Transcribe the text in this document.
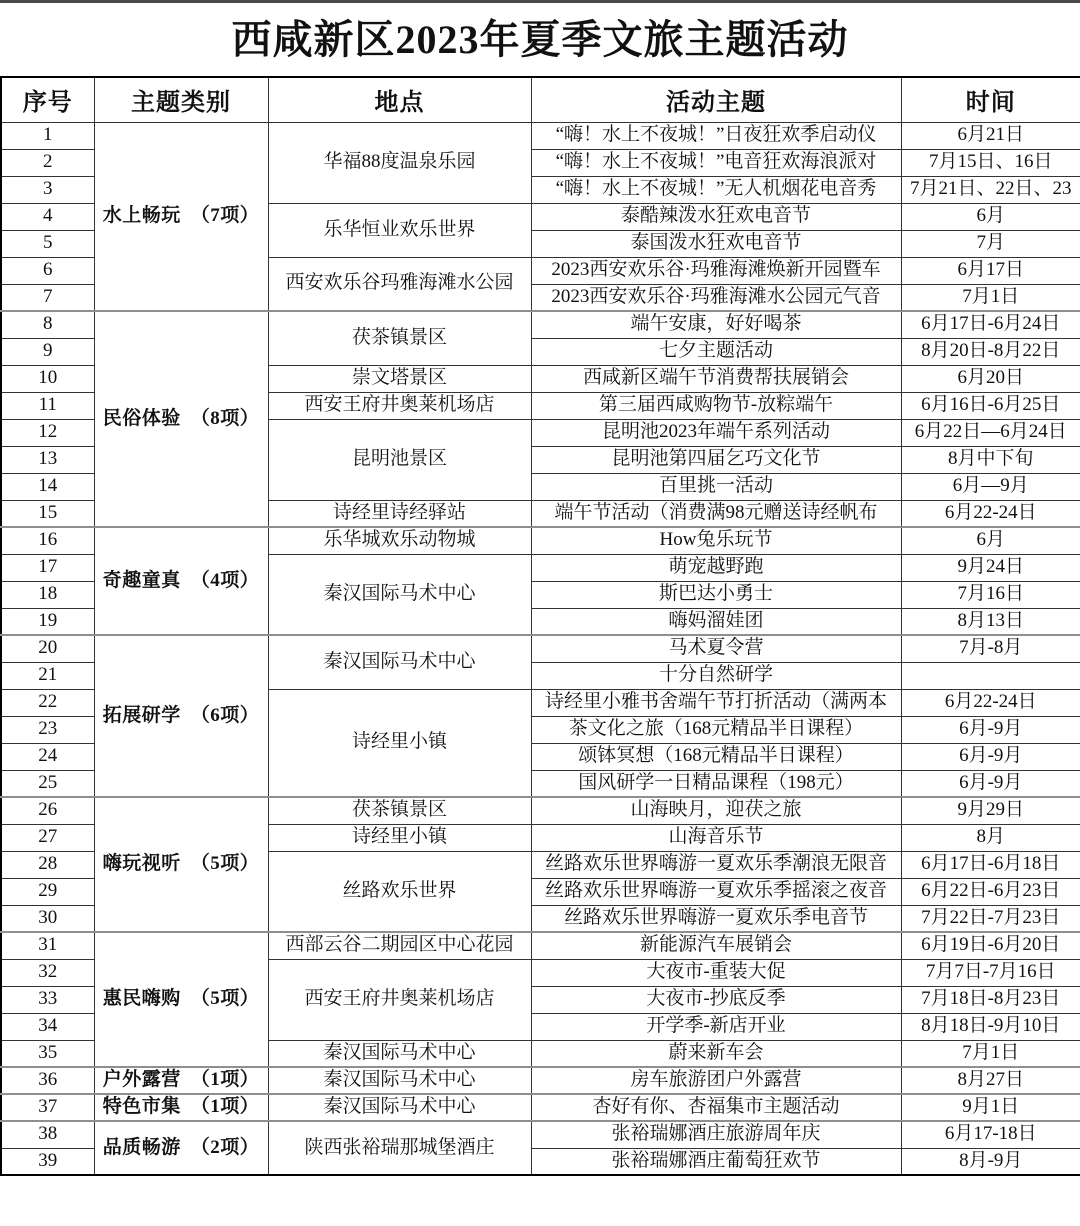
西咸新区2023年夏季文旅主题活动
序号	主题类别	地点	活动主题	时间
1	水上畅玩　（7项）	华福88度温泉乐园	“嗨！水上不夜城！”日夜狂欢季启动仪	6月21日
2			“嗨！水上不夜城！”电音狂欢海浪派对	7月15日、16日
3			“嗨！水上不夜城！”无人机烟花电音秀	7月21日、22日、23
4		乐华恒业欢乐世界	泰酷辣泼水狂欢电音节	6月
5			泰国泼水狂欢电音节	7月
6		西安欢乐谷玛雅海滩水公园	2023西安欢乐谷·玛雅海滩焕新开园暨车	6月17日
7			2023西安欢乐谷·玛雅海滩水公园元气音	7月1日
8	民俗体验　（8项）	茯茶镇景区	端午安康，好好喝茶	6月17日-6月24日
9			七夕主题活动	8月20日-8月22日
10		崇文塔景区	西咸新区端午节消费帮扶展销会	6月20日
11		西安王府井奥莱机场店	第三届西咸购物节-放粽端午	6月16日-6月25日
12		昆明池景区	昆明池2023年端午系列活动	6月22日—6月24日
13			昆明池第四届乞巧文化节	8月中下旬
14			百里挑一活动	6月—9月
15		诗经里诗经驿站	端午节活动（消费满98元赠送诗经帆布	6月22-24日
16	奇趣童真　（4项）	乐华城欢乐动物城	How兔乐玩节	6月
17		秦汉国际马术中心	萌宠越野跑	9月24日
18			斯巴达小勇士	7月16日
19			嗨妈溜娃团	8月13日
20	拓展研学　（6项）	秦汉国际马术中心	马术夏令营	7月-8月
21			十分自然研学	
22		诗经里小镇	诗经里小雅书舍端午节打折活动（满两本	6月22-24日
23			茶文化之旅（168元精品半日课程）	6月-9月
24			颂钵冥想（168元精品半日课程）	6月-9月
25			国风研学一日精品课程（198元）	6月-9月
26	嗨玩视听　（5项）	茯茶镇景区	山海映月，迎茯之旅	9月29日
27		诗经里小镇	山海音乐节	8月
28		丝路欢乐世界	丝路欢乐世界嗨游一夏欢乐季潮浪无限音	6月17日-6月18日
29			丝路欢乐世界嗨游一夏欢乐季摇滚之夜音	6月22日-6月23日
30			丝路欢乐世界嗨游一夏欢乐季电音节	7月22日-7月23日
31	惠民嗨购　（5项）	西部云谷二期园区中心花园	新能源汽车展销会	6月19日-6月20日
32		西安王府井奥莱机场店	大夜市-重装大促	7月7日-7月16日
33			大夜市-抄底反季	7月18日-8月23日
34			开学季-新店开业	8月18日-9月10日
35		秦汉国际马术中心	蔚来新车会	7月1日
36	户外露营　（1项）	秦汉国际马术中心	房车旅游团户外露营	8月27日
37	特色市集　（1项）	秦汉国际马术中心	杏好有你、杏福集市主题活动	9月1日
38	品质畅游　（2项）	陕西张裕瑞那城堡酒庄	张裕瑞娜酒庄旅游周年庆	6月17-18日
39			张裕瑞娜酒庄葡萄狂欢节	8月-9月
